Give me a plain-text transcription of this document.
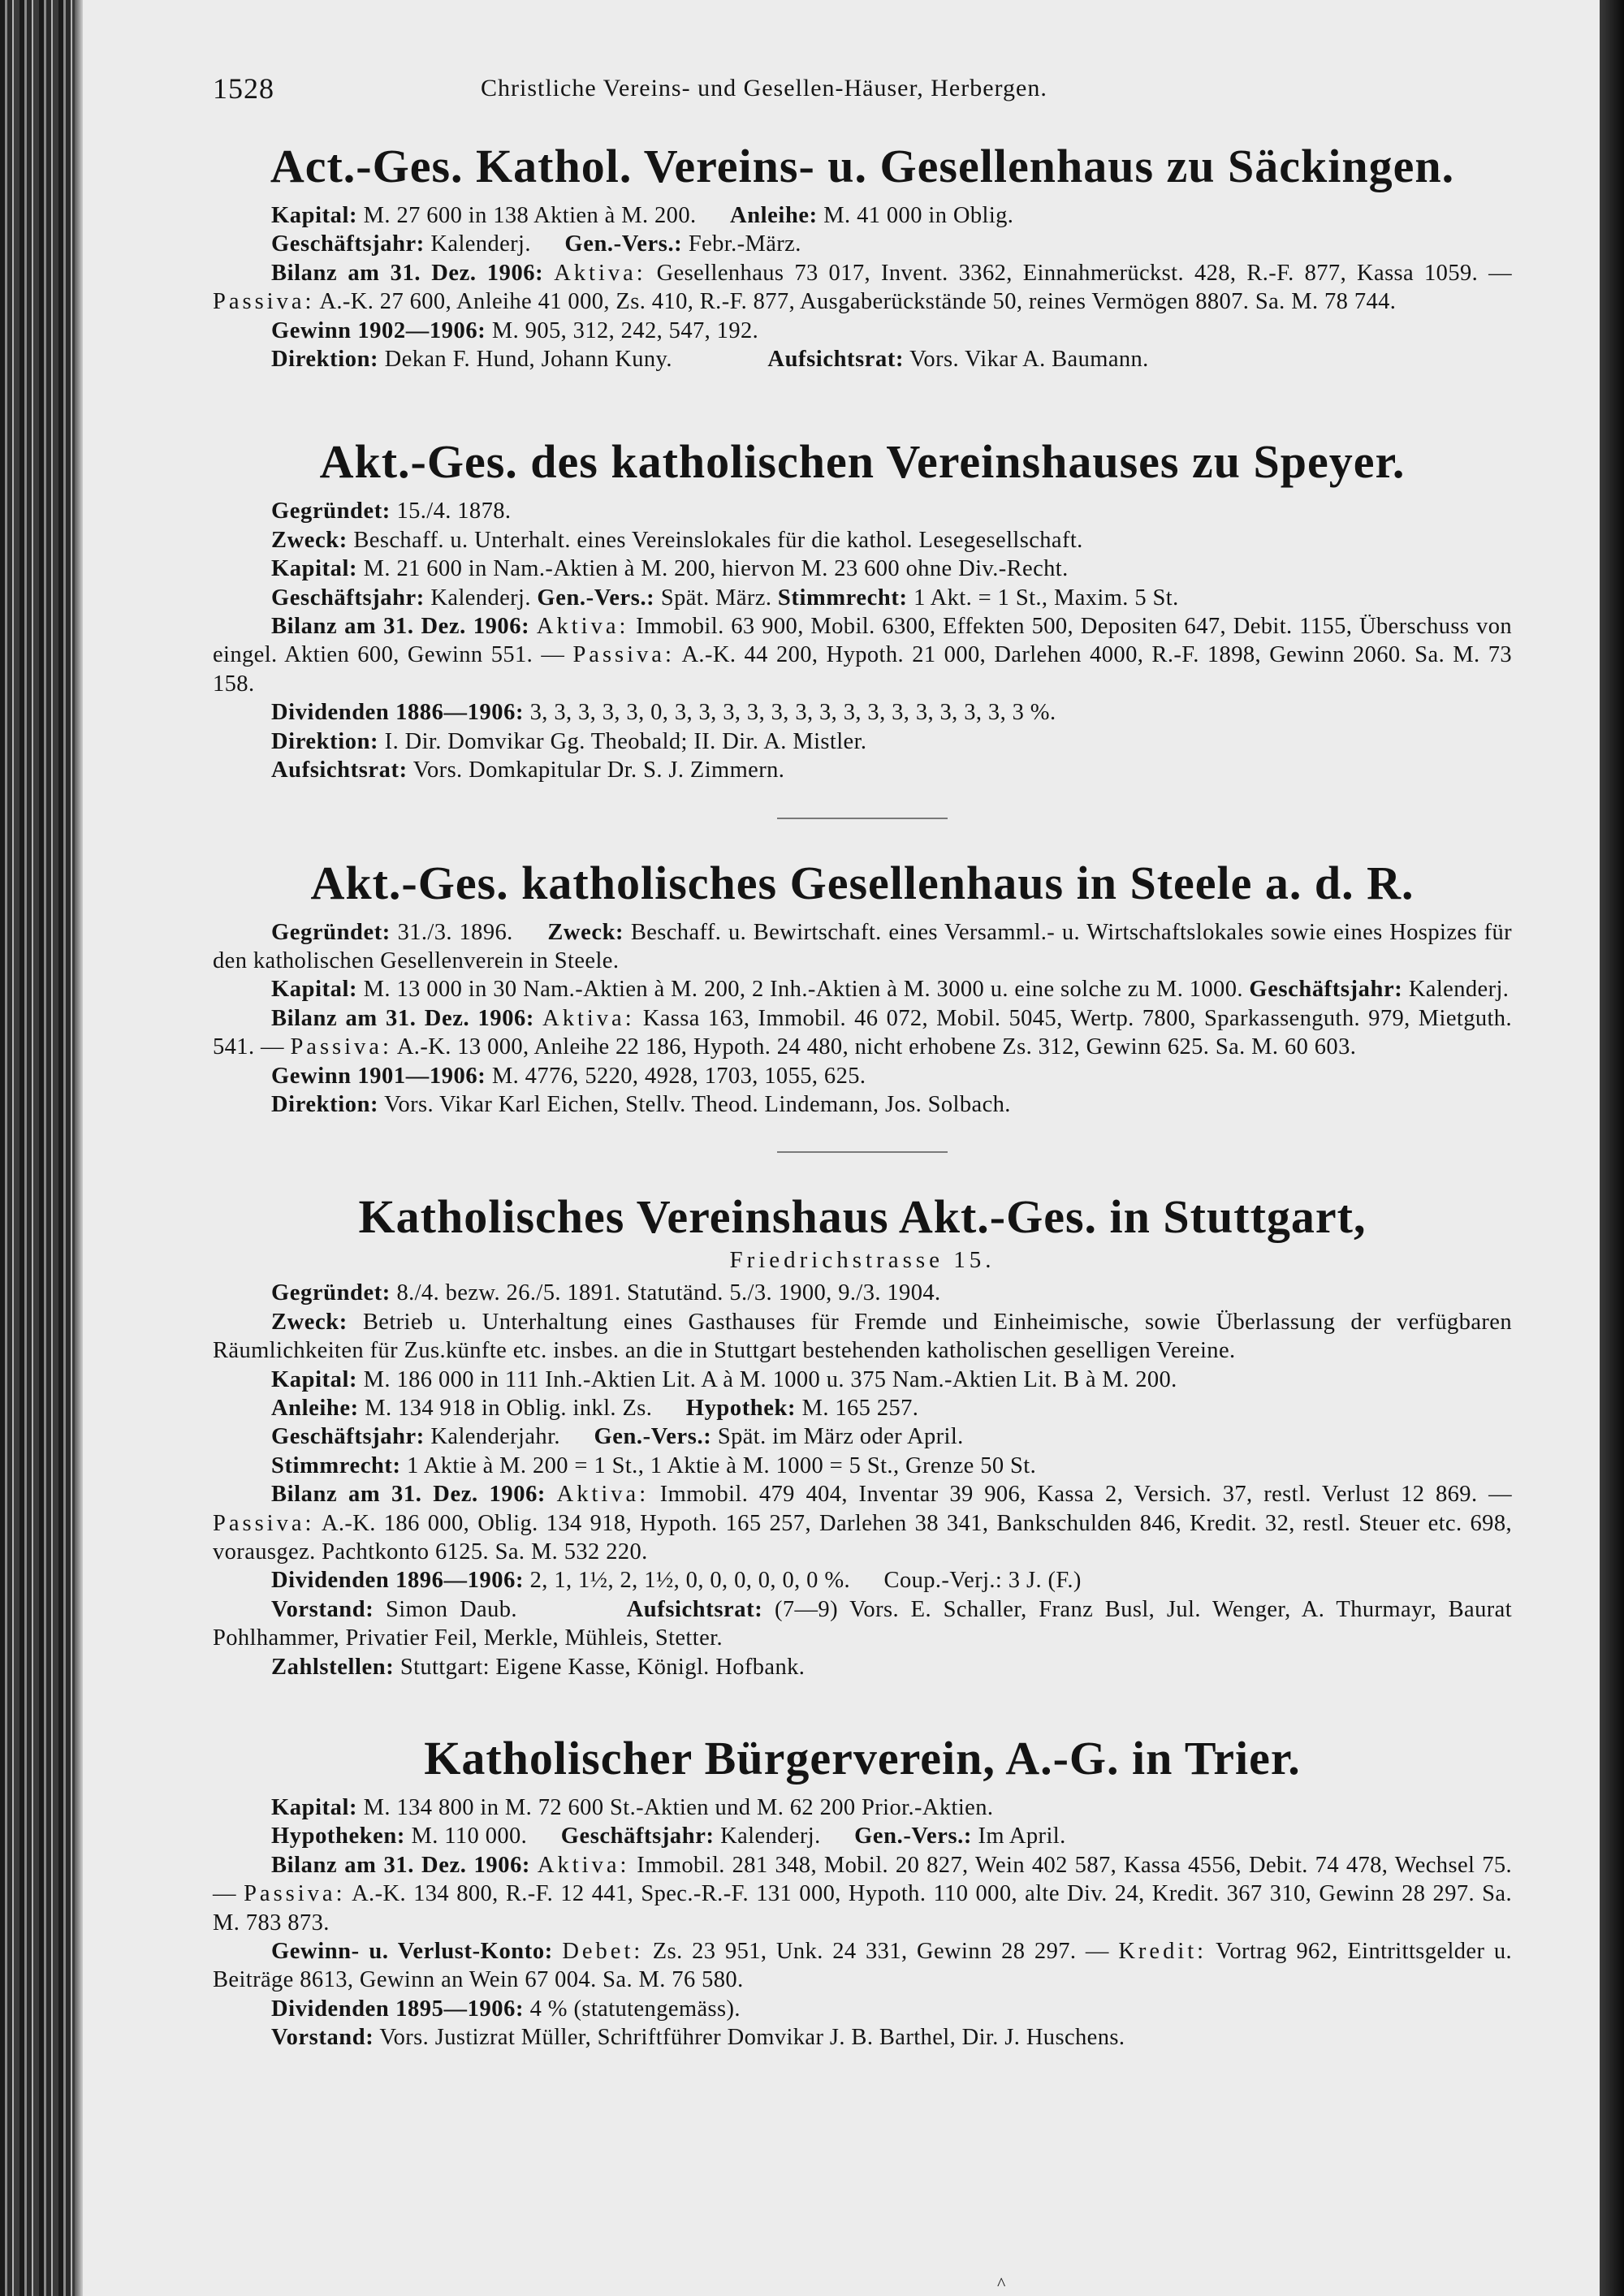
1528	Christliche Vereins- und Gesellen-Häuser, Herbergen.
Act.-Ges. Kathol. Vereins- u. Gesellenhaus zu Säckingen.

Kapital: M. 27 600 in 138 Aktien à M. 200. Anleihe: M. 41 000 in Oblig.

Geschäftsjahr: Kalenderj. Gen.-Vers.: Febr.-März.

Bilanz am 31. Dez. 1906: Aktiva: Gesellenhaus 73 017, Invent. 3362, Einnahmerückst. 428, R.-F. 877, Kassa 1059. — Passiva: A.-K. 27 600, Anleihe 41 000, Zs. 410, R.-F. 877, Ausgaberückstände 50, reines Vermögen 8807. Sa. M. 78 744.

Gewinn 1902—1906: M. 905, 312, 242, 547, 192.

Direktion: Dekan F. Hund, Johann Kuny.	Aufsichtsrat: Vors. Vikar A. Baumann.

Akt.-Ges. des katholischen Vereinshauses zu Speyer.

Gegründet: 15./4. 1878.

Zweck: Beschaff. u. Unterhalt. eines Vereinslokales für die kathol. Lesegesellschaft.

Kapital: M. 21 600 in Nam.-Aktien à M. 200, hiervon M. 23 600 ohne Div.-Recht.

Geschäftsjahr: Kalenderj. Gen.-Vers.: Spät. März. Stimmrecht: 1 Akt. = 1 St., Maxim. 5 St.

Bilanz am 31. Dez. 1906: Aktiva: Immobil. 63 900, Mobil. 6300, Effekten 500, Depositen 647, Debit. 1155, Überschuss von eingel. Aktien 600, Gewinn 551. — Passiva: A.-K. 44 200, Hypoth. 21 000, Darlehen 4000, R.-F. 1898, Gewinn 2060. Sa. M. 73 158.

Dividenden 1886—1906: 3, 3, 3, 3, 3, 0, 3, 3, 3, 3, 3, 3, 3, 3, 3, 3, 3, 3, 3, 3, 3 %.

Direktion: I. Dir. Domvikar Gg. Theobald; II. Dir. A. Mistler.

Aufsichtsrat: Vors. Domkapitular Dr. S. J. Zimmern.

Akt.-Ges. katholisches Gesellenhaus in Steele a. d. R.

Gegründet: 31./3. 1896. Zweck: Beschaff. u. Bewirtschaft. eines Versamml.- u. Wirtschaftslokales sowie eines Hospizes für den katholischen Gesellenverein in Steele.

Kapital: M. 13 000 in 30 Nam.-Aktien à M. 200, 2 Inh.-Aktien à M. 3000 u. eine solche zu M. 1000. Geschäftsjahr: Kalenderj.

Bilanz am 31. Dez. 1906: Aktiva: Kassa 163, Immobil. 46 072, Mobil. 5045, Wertp. 7800, Sparkassenguth. 979, Mietguth. 541. — Passiva: A.-K. 13 000, Anleihe 22 186, Hypoth. 24 480, nicht erhobene Zs. 312, Gewinn 625. Sa. M. 60 603.

Gewinn 1901—1906: M. 4776, 5220, 4928, 1703, 1055, 625.

Direktion: Vors. Vikar Karl Eichen, Stellv. Theod. Lindemann, Jos. Solbach.

Katholisches Vereinshaus Akt.-Ges. in Stuttgart,
Friedrichstrasse 15.

Gegründet: 8./4. bezw. 26./5. 1891. Statutänd. 5./3. 1900, 9./3. 1904.

Zweck: Betrieb u. Unterhaltung eines Gasthauses für Fremde und Einheimische, sowie Überlassung der verfügbaren Räumlichkeiten für Zus.künfte etc. insbes. an die in Stuttgart bestehenden katholischen geselligen Vereine.

Kapital: M. 186 000 in 111 Inh.-Aktien Lit. A à M. 1000 u. 375 Nam.-Aktien Lit. B à M. 200.

Anleihe: M. 134 918 in Oblig. inkl. Zs. Hypothek: M. 165 257.

Geschäftsjahr: Kalenderjahr. Gen.-Vers.: Spät. im März oder April.

Stimmrecht: 1 Aktie à M. 200 = 1 St., 1 Aktie à M. 1000 = 5 St., Grenze 50 St.

Bilanz am 31. Dez. 1906: Aktiva: Immobil. 479 404, Inventar 39 906, Kassa 2, Versich. 37, restl. Verlust 12 869. — Passiva: A.-K. 186 000, Oblig. 134 918, Hypoth. 165 257, Darlehen 38 341, Bankschulden 846, Kredit. 32, restl. Steuer etc. 698, vorausgez. Pachtkonto 6125. Sa. M. 532 220.

Dividenden 1896—1906: 2, 1, 1½, 2, 1½, 0, 0, 0, 0, 0, 0 %. Coup.-Verj.: 3 J. (F.)

Vorstand: Simon Daub.	Aufsichtsrat: (7—9) Vors. E. Schaller, Franz Busl, Jul. Wenger, A. Thurmayr, Baurat Pohlhammer, Privatier Feil, Merkle, Mühleis, Stetter.

Zahlstellen: Stuttgart: Eigene Kasse, Königl. Hofbank.

Katholischer Bürgerverein, A.-G. in Trier.

Kapital: M. 134 800 in M. 72 600 St.-Aktien und M. 62 200 Prior.-Aktien.

Hypotheken: M. 110 000. Geschäftsjahr: Kalenderj. Gen.-Vers.: Im April.

Bilanz am 31. Dez. 1906: Aktiva: Immobil. 281 348, Mobil. 20 827, Wein 402 587, Kassa 4556, Debit. 74 478, Wechsel 75. — Passiva: A.-K. 134 800, R.-F. 12 441, Spec.-R.-F. 131 000, Hypoth. 110 000, alte Div. 24, Kredit. 367 310, Gewinn 28 297. Sa. M. 783 873.

Gewinn- u. Verlust-Konto: Debet: Zs. 23 951, Unk. 24 331, Gewinn 28 297. — Kredit: Vortrag 962, Eintrittsgelder u. Beiträge 8613, Gewinn an Wein 67 004. Sa. M. 76 580.

Dividenden 1895—1906: 4 % (statutengemäss).

Vorstand: Vors. Justizrat Müller, Schriftführer Domvikar J. B. Barthel, Dir. J. Huschens.

^
